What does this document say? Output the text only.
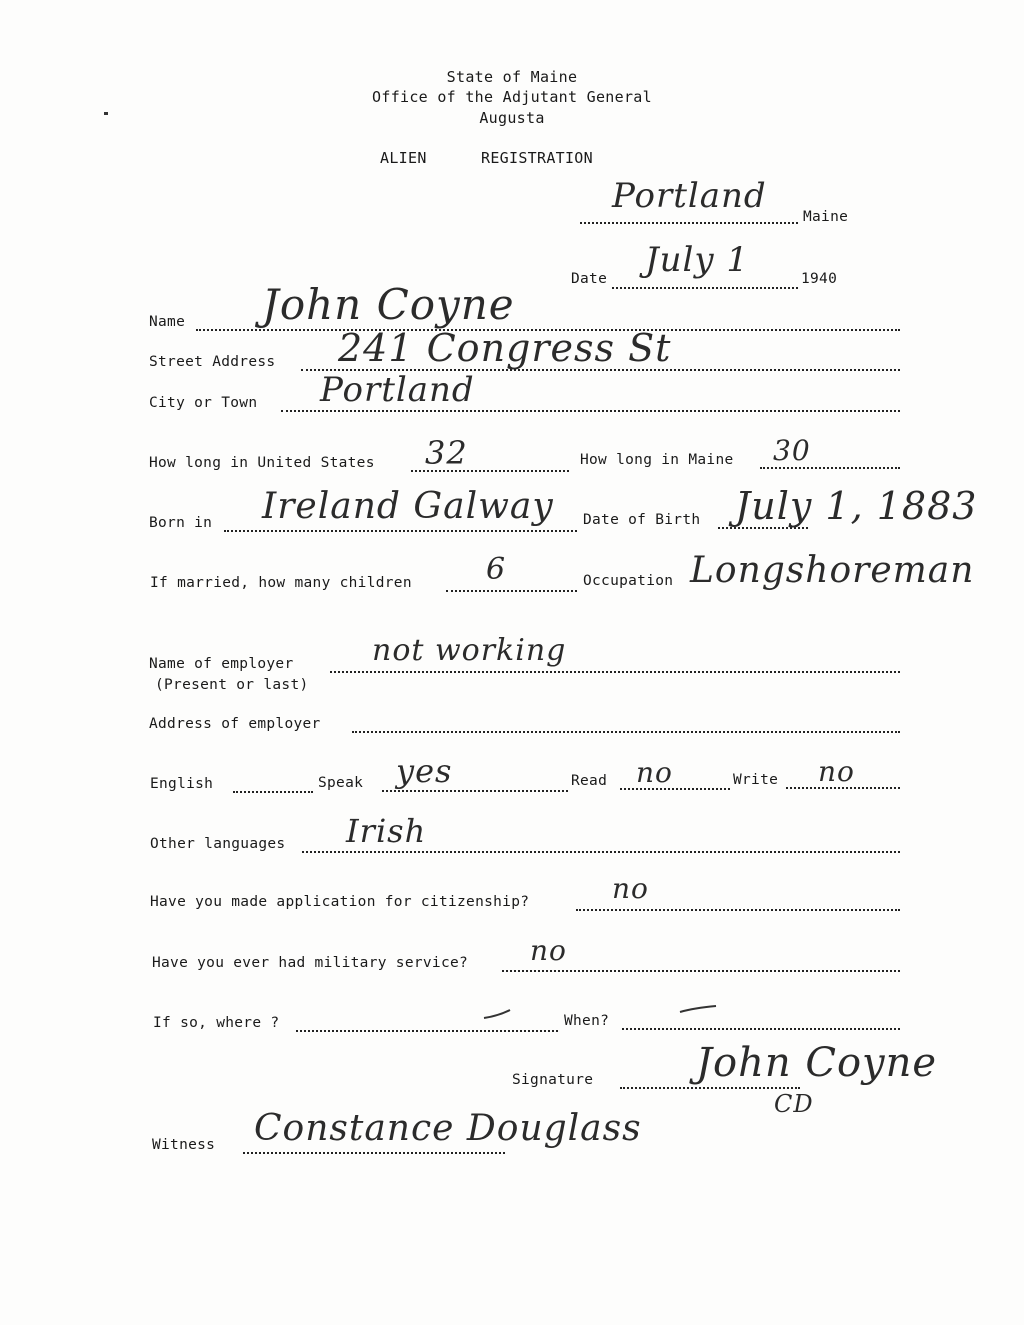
State of Maine
Office of the Adjutant General
Augusta
ALIEN	REGISTRATION
Portland
Maine
Date July 1	1940
Name John Coyne
Street Address 241 Congress St
City or Town Portland
How long in United States 32	How long in Maine 30
Born in Ireland Galway Date of Birth July 1, 1883
If married, how many children 6	Occupation Longshoreman
Name of employer
(Present or last)
not working
Address of employer
English	Speak yes	Read no	Write no
Other languages Irish
Have you made application for citizenship?	no
Have you ever had military service? no
If so, where ?	When?
Signature	John Coyne
CD
Witness Constance Douglass
